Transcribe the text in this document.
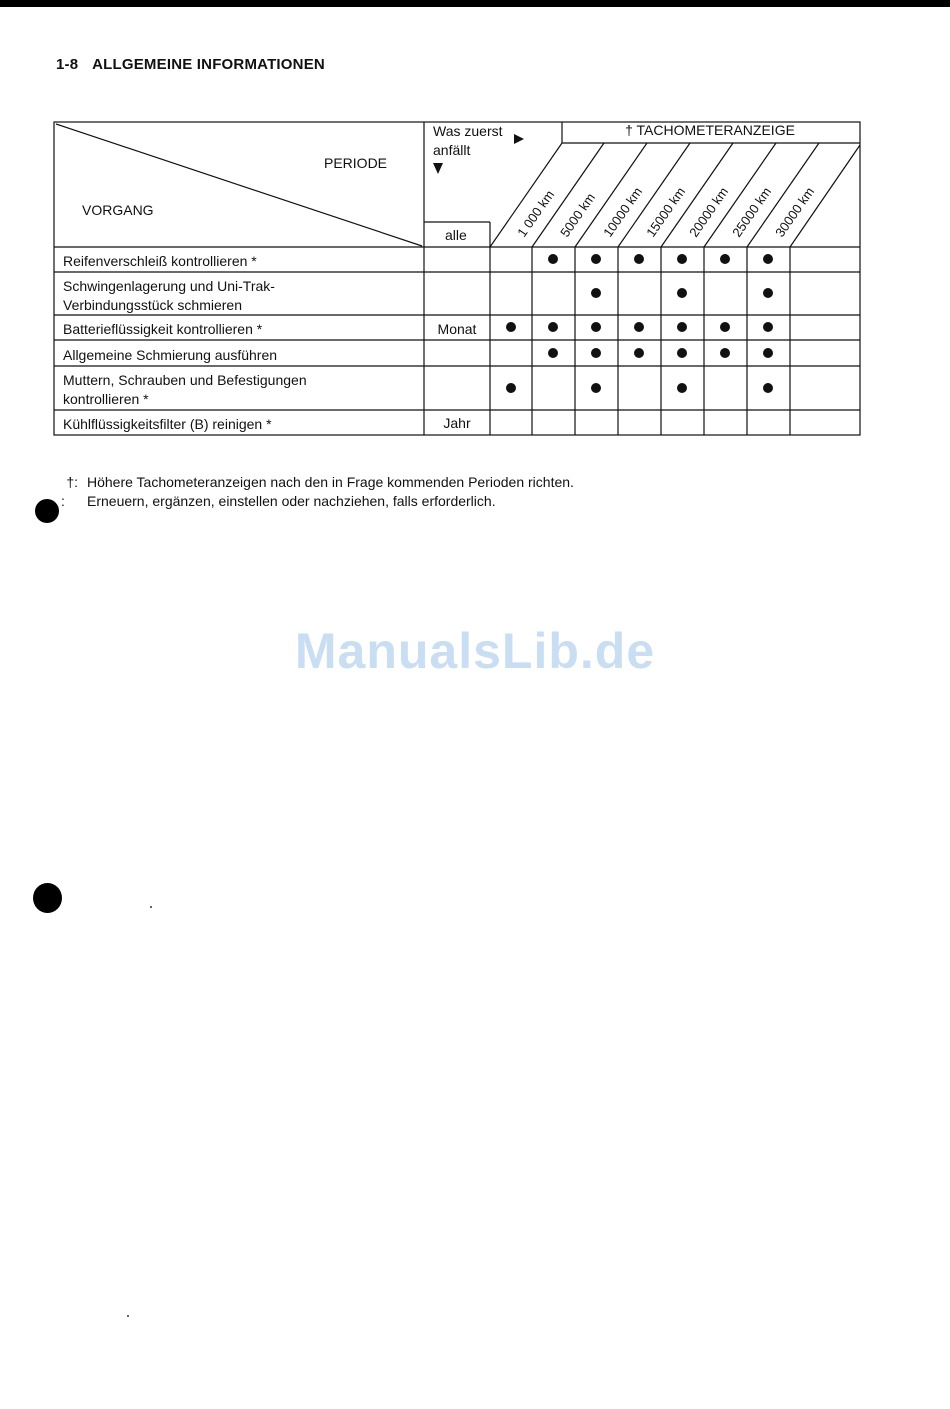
1-8 ALLGEMEINE INFORMATIONEN
PERIODE
VORGANG
Was zuerst
anfällt
alle
† TACHOMETERANZEIGE
1 000 km 5000 km 10000 km
15000 km
20000 km
25000 km
30000 km
Reifenverschleiß kontrollieren *
Schwingenlagerung und Uni-Trak-
Verbindungsstück schmieren
Batterieflüssigkeit kontrollieren *
Allgemeine Schmierung ausführen
Muttern, Schrauben und Befestigungen
kontrollieren *
Kühlflüssigkeitsfilter (B) reinigen *
Monat
Jahr
†: Höhere Tachometeranzeigen nach den in Frage kommenden Perioden richten.
: Erneuern, ergänzen, einstellen oder nachziehen, falls erforderlich.
ManualsLib.de
